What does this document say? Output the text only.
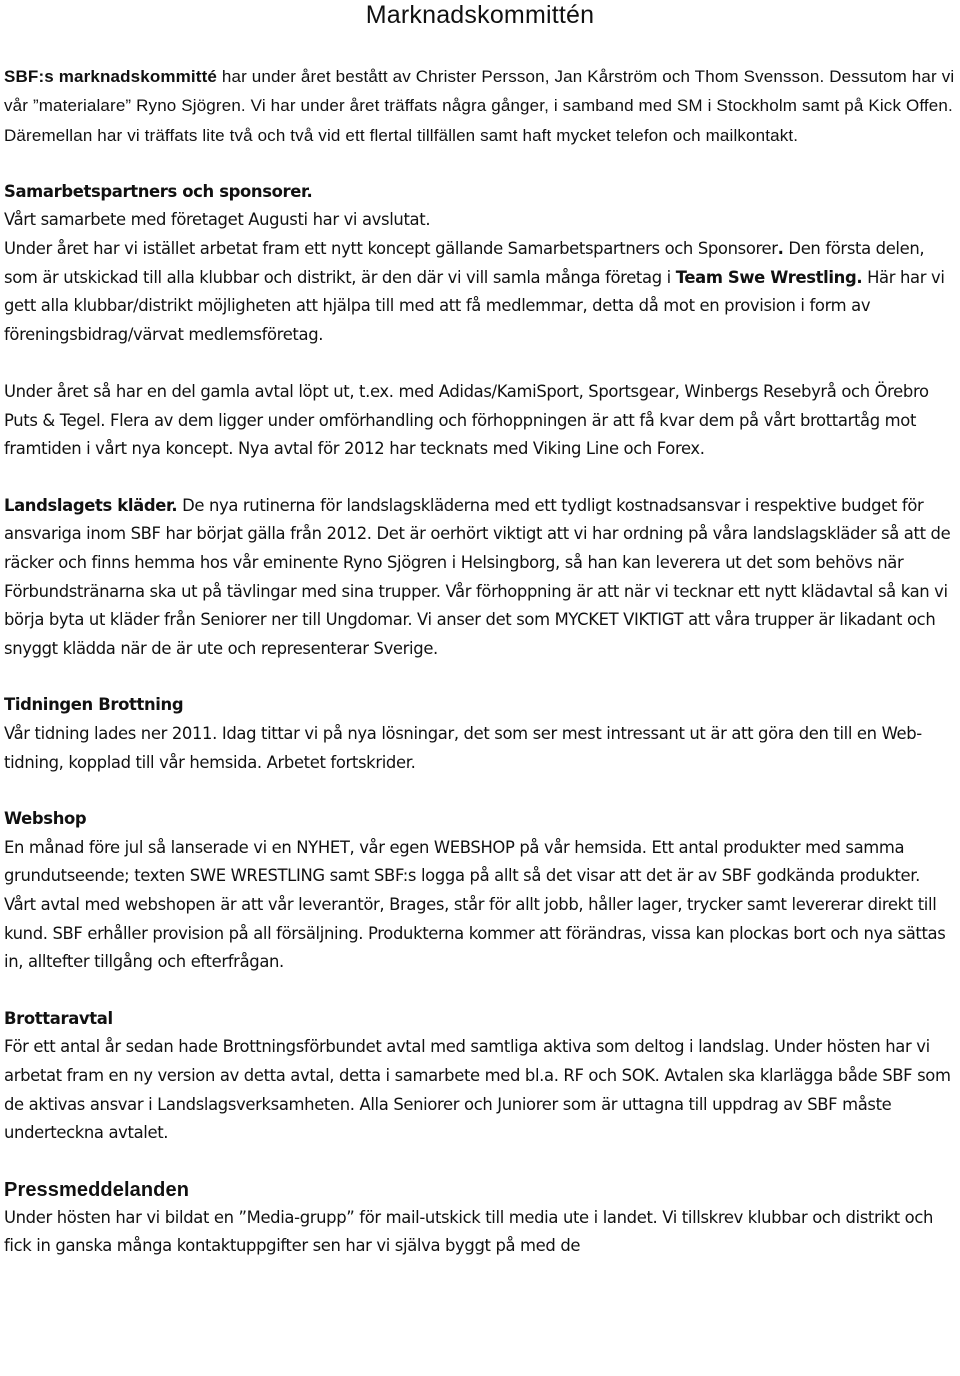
Marknadskommittén

SBF:s marknadskommitté har under året bestått av Christer Persson, Jan Kårström och Thom Svensson. Dessutom har vi vår ”materialare” Ryno Sjögren. Vi har under året träffats några gånger, i samband med SM i Stockholm samt på Kick Offen. Däremellan har vi träffats lite två och två vid ett flertal tillfällen samt haft mycket telefon och mailkontakt.

Samarbetspartners och sponsorer.

Vårt samarbete med företaget Augusti har vi avslutat.

Under året har vi istället arbetat fram ett nytt koncept gällande Samarbetspartners och Sponsorer. Den första delen, som är utskickad till alla klubbar och distrikt, är den där vi vill samla många företag i Team Swe Wrestling. Här har vi gett alla klubbar/distrikt möjligheten att hjälpa till med att få medlemmar, detta då mot en provision i form av föreningsbidrag/värvat medlemsföretag.

Under året så har en del gamla avtal löpt ut, t.ex. med Adidas/KamiSport, Sportsgear, Winbergs Resebyrå och Örebro Puts & Tegel. Flera av dem ligger under omförhandling och förhoppningen är att få kvar dem på vårt brottartåg mot framtiden i vårt nya koncept. Nya avtal för 2012 har tecknats med Viking Line och Forex.

Landslagets kläder. De nya rutinerna för landslagskläderna med ett tydligt kostnadsansvar i respektive budget för ansvariga inom SBF har börjat gälla från 2012. Det är oerhört viktigt att vi har ordning på våra landslagskläder så att de räcker och finns hemma hos vår eminente Ryno Sjögren i Helsingborg, så han kan leverera ut det som behövs när Förbundstränarna ska ut på tävlingar med sina trupper. Vår förhoppning är att när vi tecknar ett nytt klädavtal så kan vi börja byta ut kläder från Seniorer ner till Ungdomar. Vi anser det som MYCKET VIKTIGT att våra trupper är likadant och snyggt klädda när de är ute och representerar Sverige.

Tidningen Brottning

Vår tidning lades ner 2011. Idag tittar vi på nya lösningar, det som ser mest intressant ut är att göra den till en Web-tidning, kopplad till vår hemsida. Arbetet fortskrider.

Webshop

En månad före jul så lanserade vi en NYHET, vår egen WEBSHOP på vår hemsida. Ett antal produkter med samma grundutseende; texten SWE WRESTLING samt SBF:s logga på allt så det visar att det är av SBF godkända produkter. Vårt avtal med webshopen är att vår leverantör, Brages, står för allt jobb, håller lager, trycker samt levererar direkt till kund. SBF erhåller provision på all försäljning. Produkterna kommer att förändras, vissa kan plockas bort och nya sättas in, alltefter tillgång och efterfrågan.

Brottaravtal

För ett antal år sedan hade Brottningsförbundet avtal med samtliga aktiva som deltog i landslag. Under hösten har vi arbetat fram en ny version av detta avtal, detta i samarbete med bl.a. RF och SOK. Avtalen ska klarlägga både SBF som de aktivas ansvar i Landslagsverksamheten. Alla Seniorer och Juniorer som är uttagna till uppdrag av SBF måste underteckna avtalet.

Pressmeddelanden

Under hösten har vi bildat en ”Media-grupp” för mail-utskick till media ute i landet. Vi tillskrev klubbar och distrikt och fick in ganska många kontaktuppgifter sen har vi själva byggt på med de
